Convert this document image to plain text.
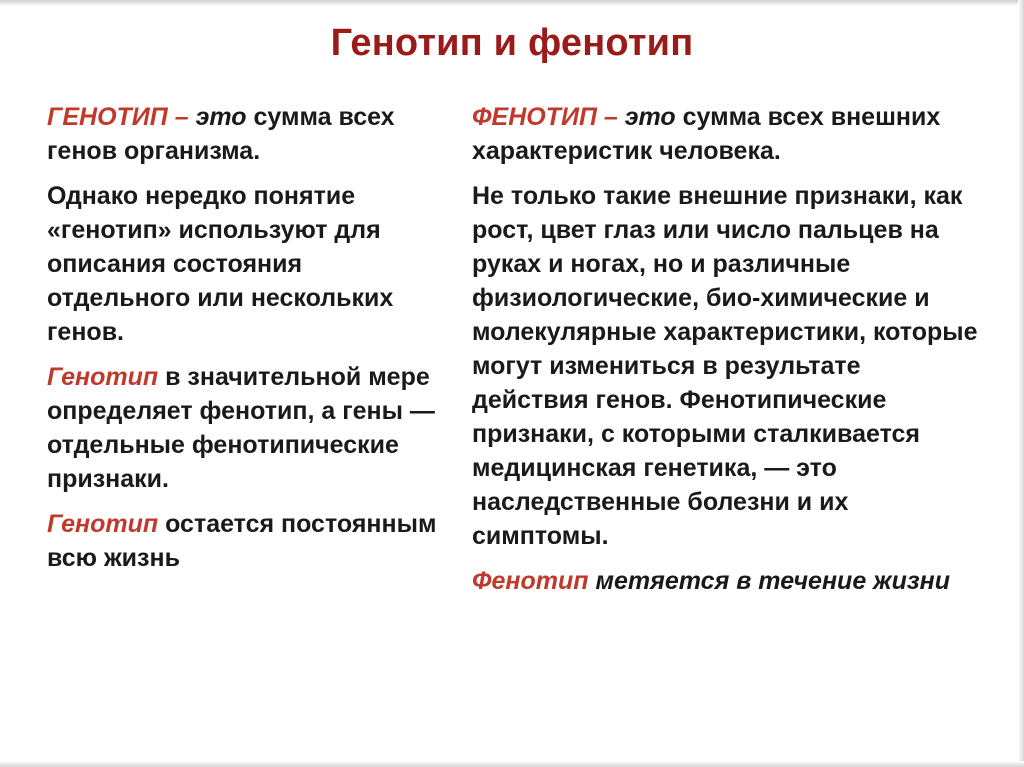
Генотип и фенотип

ГЕНОТИП – это сумма всех генов организма.

Однако нередко понятие «генотип» используют для описания состояния отдельного или нескольких генов.

Генотип в значительной мере определяет фенотип, а гены — отдельные фенотипические признаки.

Генотип остается постоянным всю жизнь

ФЕНОТИП – это сумма всех внешних характеристик человека.

Не только такие внешние признаки, как рост, цвет глаз или число пальцев на руках и ногах, но и различные физиологические, био-химические и молекулярные характеристики, которые могут измениться в результате действия генов. Фенотипические признаки, с которыми сталкивается медицинская генетика, — это наследственные болезни и их симптомы.

Фенотип метяется в течение жизни
